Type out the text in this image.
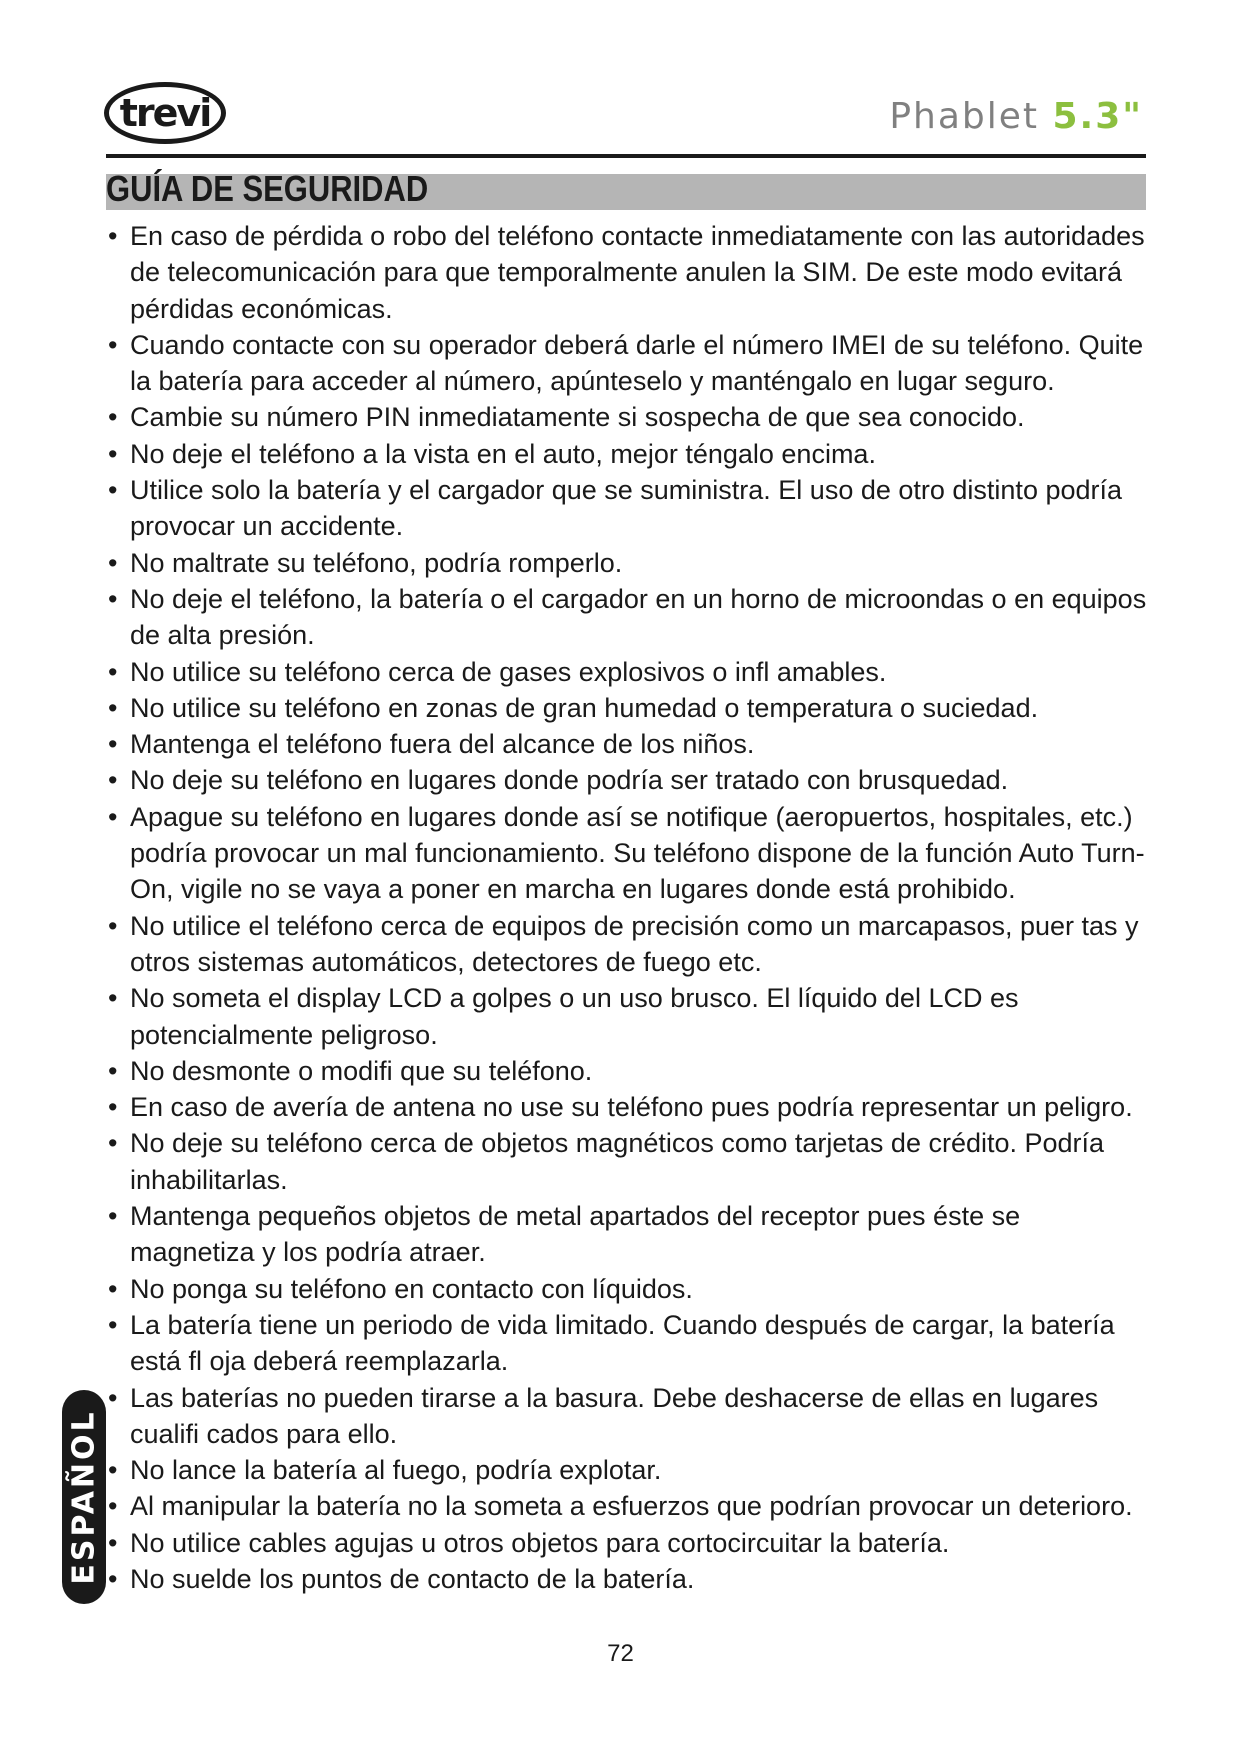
trevi	Phablet 5.3"
GUÍA DE SEGURIDAD
• En caso de pérdida o robo del teléfono contacte inmediatamente con las autoridades de telecomunicación para que temporalmente anulen la SIM. De este modo evitará pérdidas económicas.
• Cuando contacte con su operador deberá darle el número IMEI de su teléfono. Quite la batería para acceder al número, apúnteselo y manténgalo en lugar seguro.
• Cambie su número PIN inmediatamente si sospecha de que sea conocido.
• No deje el teléfono a la vista en el auto, mejor téngalo encima.
• Utilice solo la batería y el cargador que se suministra. El uso de otro distinto podría provocar un accidente.
• No maltrate su teléfono, podría romperlo.
• No deje el teléfono, la batería o el cargador en un horno de microondas o en equipos de alta presión.
• No utilice su teléfono cerca de gases explosivos o infl amables.
• No utilice su teléfono en zonas de gran humedad o temperatura o suciedad.
• Mantenga el teléfono fuera del alcance de los niños.
• No deje su teléfono en lugares donde podría ser tratado con brusquedad.
• Apague su teléfono en lugares donde así se notifique (aeropuertos, hospitales, etc.) podría provocar un mal funcionamiento. Su teléfono dispone de la función Auto Turn-On, vigile no se vaya a poner en marcha en lugares donde está prohibido.
• No utilice el teléfono cerca de equipos de precisión como un marcapasos, puer tas y otros sistemas automáticos, detectores de fuego etc.
• No someta el display LCD a golpes o un uso brusco. El líquido del LCD es potencialmente peligroso.
• No desmonte o modifi que su teléfono.
• En caso de avería de antena no use su teléfono pues podría representar un peligro.
• No deje su teléfono cerca de objetos magnéticos como tarjetas de crédito. Podría inhabilitarlas.
• Mantenga pequeños objetos de metal apartados del receptor pues éste se magnetiza y los podría atraer.
• No ponga su teléfono en contacto con líquidos.
• La batería tiene un periodo de vida limitado. Cuando después de cargar, la batería está fl oja deberá reemplazarla.
• Las baterías no pueden tirarse a la basura. Debe deshacerse de ellas en lugares cualifi cados para ello.
• No lance la batería al fuego, podría explotar.
• Al manipular la batería no la someta a esfuerzos que podrían provocar un deterioro.
• No utilice cables agujas u otros objetos para cortocircuitar la batería.
• No suelde los puntos de contacto de la batería.
ESPAÑOL
72
